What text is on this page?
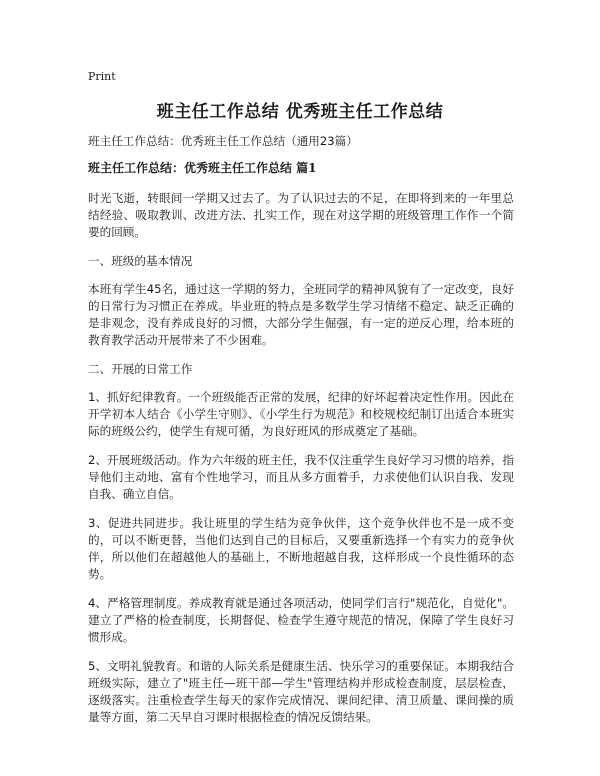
Print
班主任工作总结 优秀班主任工作总结

班主任工作总结：优秀班主任工作总结（通用23篇）

班主任工作总结：优秀班主任工作总结 篇1

时光飞逝，转眼间一学期又过去了。为了认识过去的不足，在即将到来的一年里总结经验、吸取教训、改进方法、扎实工作，现在对这学期的班级管理工作作一个简要的回顾。

一、班级的基本情况

本班有学生45名，通过这一学期的努力，全班同学的精神风貌有了一定改变，良好的日常行为习惯正在养成。毕业班的特点是多数学生学习情绪不稳定、缺乏正确的是非观念，没有养成良好的习惯，大部分学生倔强，有一定的逆反心理，给本班的教育教学活动开展带来了不少困难。

二、开展的日常工作

1、抓好纪律教育。一个班级能否正常的发展，纪律的好坏起着决定性作用。因此在开学初本人结合《小学生守则》、《小学生行为规范》和校规校纪制订出适合本班实际的班级公约，使学生有规可循，为良好班风的形成奠定了基础。

2、开展班级活动。作为六年级的班主任，我不仅注重学生良好学习习惯的培养，指导他们主动地、富有个性地学习，而且从多方面着手，力求使他们认识自我、发现自我、确立自信。

3、促进共同进步。我让班里的学生结为竞争伙伴，这个竞争伙伴也不是一成不变的，可以不断更替，当他们达到自己的目标后，又要重新选择一个有实力的竞争伙伴，所以他们在超越他人的基础上，不断地超越自我，这样形成一个良性循环的态势。

4、严格管理制度。养成教育就是通过各项活动，使同学们言行"规范化，自觉化"。建立了严格的检查制度，长期督促、检查学生遵守规范的情况，保障了学生良好习惯形成。

5、文明礼貌教育。和谐的人际关系是健康生活、快乐学习的重要保证。本期我结合班级实际，建立了"班主任—班干部—学生"管理结构并形成检查制度，层层检查，逐级落实。注重检查学生每天的家作完成情况、课间纪律、清卫质量、课间操的质量等方面，第二天早自习课时根据检查的情况反馈结果。
